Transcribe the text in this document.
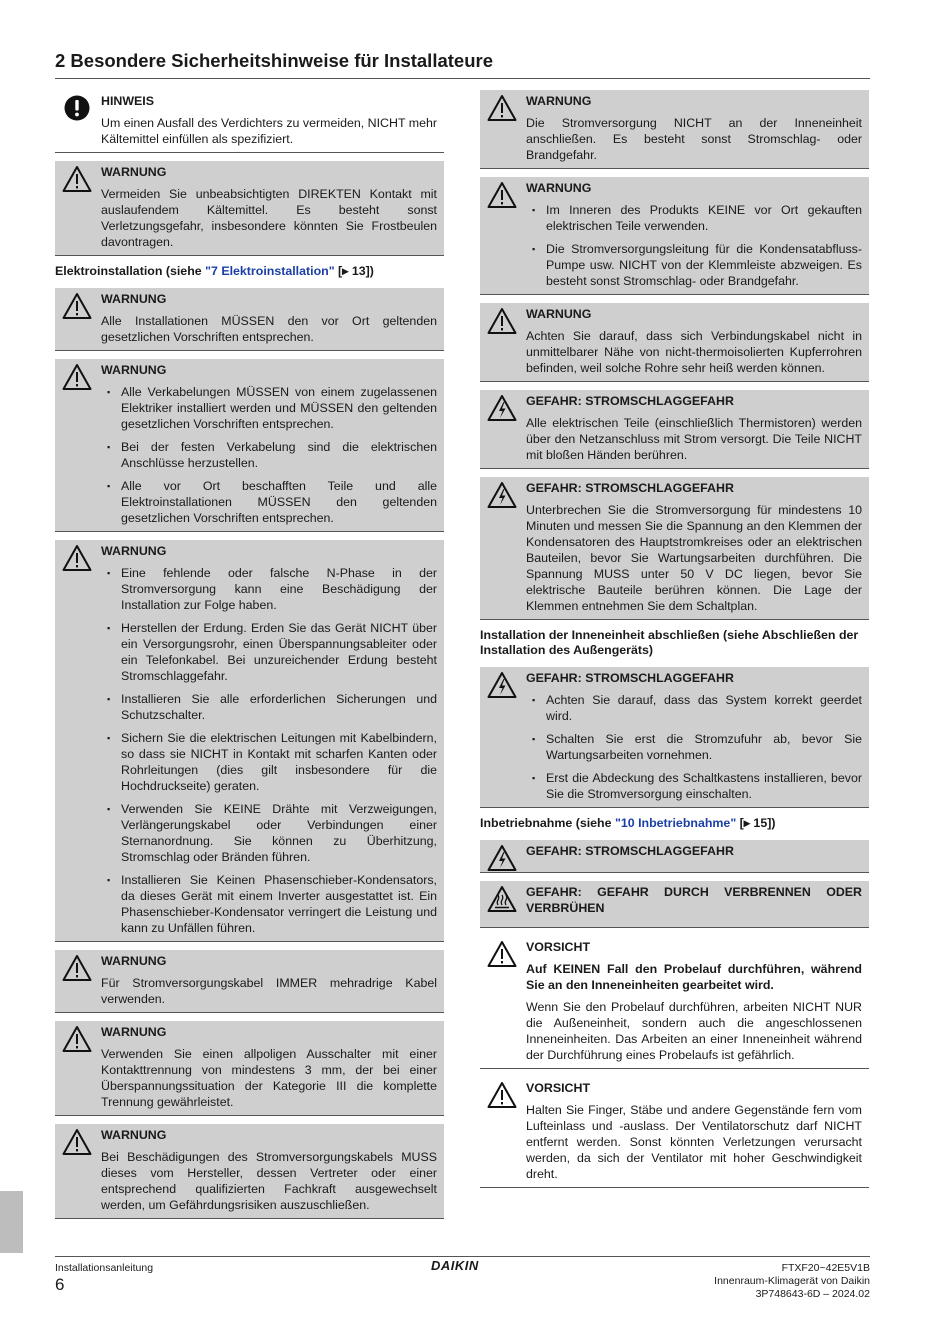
2 Besondere Sicherheitshinweise für Installateure
HINWEIS
Um einen Ausfall des Verdichters zu vermeiden, NICHT mehr Kältemittel einfüllen als spezifiziert.
WARNUNG
Vermeiden Sie unbeabsichtigten DIREKTEN Kontakt mit auslaufendem Kältemittel. Es besteht sonst Verletzungsgefahr, insbesondere könnten Sie Frostbeulen davontragen.
Elektroinstallation (siehe "7 Elektroinstallation" [▸ 13])
WARNUNG
Alle Installationen MÜSSEN den vor Ort geltenden gesetzlichen Vorschriften entsprechen.
WARNUNG
▪ Alle Verkabelungen MÜSSEN von einem zugelassenen Elektriker installiert werden und MÜSSEN den geltenden gesetzlichen Vorschriften entsprechen.
▪ Bei der festen Verkabelung sind die elektrischen Anschlüsse herzustellen.
▪ Alle vor Ort beschafften Teile und alle Elektroinstallationen MÜSSEN den geltenden gesetzlichen Vorschriften entsprechen.
WARNUNG
▪ Eine fehlende oder falsche N-Phase in der Stromversorgung kann eine Beschädigung der Installation zur Folge haben.
▪ Herstellen der Erdung. Erden Sie das Gerät NICHT über ein Versorgungsrohr, einen Überspannungsableiter oder ein Telefonkabel. Bei unzureichender Erdung besteht Stromschlaggefahr.
▪ Installieren Sie alle erforderlichen Sicherungen und Schutzschalter.
▪ Sichern Sie die elektrischen Leitungen mit Kabelbindern, so dass sie NICHT in Kontakt mit scharfen Kanten oder Rohrleitungen (dies gilt insbesondere für die Hochdruckseite) geraten.
▪ Verwenden Sie KEINE Drähte mit Verzweigungen, Verlängerungskabel oder Verbindungen einer Sternanordnung. Sie können zu Überhitzung, Stromschlag oder Bränden führen.
▪ Installieren Sie Keinen Phasenschieber-Kondensators, da dieses Gerät mit einem Inverter ausgestattet ist. Ein Phasenschieber-Kondensator verringert die Leistung und kann zu Unfällen führen.
WARNUNG
Für Stromversorgungskabel IMMER mehradrige Kabel verwenden.
WARNUNG
Verwenden Sie einen allpoligen Ausschalter mit einer Kontakttrennung von mindestens 3 mm, der bei einer Überspannungssituation der Kategorie III die komplette Trennung gewährleistet.
WARNUNG
Bei Beschädigungen des Stromversorgungskabels MUSS dieses vom Hersteller, dessen Vertreter oder einer entsprechend qualifizierten Fachkraft ausgewechselt werden, um Gefährdungsrisiken auszuschließen.
WARNUNG
Die Stromversorgung NICHT an der Inneneinheit anschließen. Es besteht sonst Stromschlag- oder Brandgefahr.
WARNUNG
▪ Im Inneren des Produkts KEINE vor Ort gekauften elektrischen Teile verwenden.
▪ Die Stromversorgungsleitung für die Kondensatabfluss-Pumpe usw. NICHT von der Klemmleiste abzweigen. Es besteht sonst Stromschlag- oder Brandgefahr.
WARNUNG
Achten Sie darauf, dass sich Verbindungskabel nicht in unmittelbarer Nähe von nicht-thermoisolierten Kupferrohren befinden, weil solche Rohre sehr heiß werden können.
GEFAHR: STROMSCHLAGGEFAHR
Alle elektrischen Teile (einschließlich Thermistoren) werden über den Netzanschluss mit Strom versorgt. Die Teile NICHT mit bloßen Händen berühren.
GEFAHR: STROMSCHLAGGEFAHR
Unterbrechen Sie die Stromversorgung für mindestens 10 Minuten und messen Sie die Spannung an den Klemmen der Kondensatoren des Hauptstromkreises oder an elektrischen Bauteilen, bevor Sie Wartungsarbeiten durchführen. Die Spannung MUSS unter 50 V DC liegen, bevor Sie elektrische Bauteile berühren können. Die Lage der Klemmen entnehmen Sie dem Schaltplan.
Installation der Inneneinheit abschließen (siehe Abschließen der Installation des Außengeräts)
GEFAHR: STROMSCHLAGGEFAHR
▪ Achten Sie darauf, dass das System korrekt geerdet wird.
▪ Schalten Sie erst die Stromzufuhr ab, bevor Sie Wartungsarbeiten vornehmen.
▪ Erst die Abdeckung des Schaltkastens installieren, bevor Sie die Stromversorgung einschalten.
Inbetriebnahme (siehe "10 Inbetriebnahme" [▸ 15])
GEFAHR: STROMSCHLAGGEFAHR
GEFAHR: GEFAHR DURCH VERBRENNEN ODER VERBRÜHEN
VORSICHT
Auf KEINEN Fall den Probelauf durchführen, während Sie an den Inneneinheiten gearbeitet wird.
Wenn Sie den Probelauf durchführen, arbeiten NICHT NUR die Außeneinheit, sondern auch die angeschlossenen Inneneinheiten. Das Arbeiten an einer Inneneinheit während der Durchführung eines Probelaufs ist gefährlich.
VORSICHT
Halten Sie Finger, Stäbe und andere Gegenstände fern vom Lufteinlass und -auslass. Der Ventilatorschutz darf NICHT entfernt werden. Sonst könnten Verletzungen verursacht werden, da sich der Ventilator mit hoher Geschwindigkeit dreht.
Installationsanleitung
6
DAIKIN	FTXF20~42E5V1B
Innenraum-Klimagerät von Daikin
3P748643-6D – 2024.02
